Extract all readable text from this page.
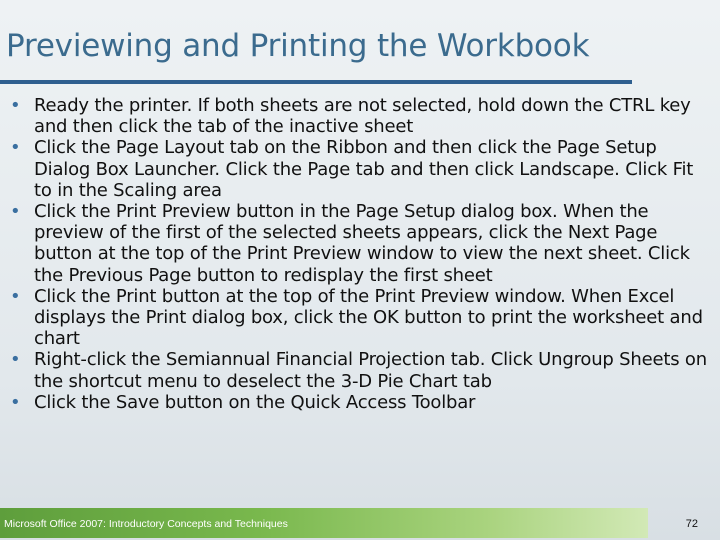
Previewing and Printing the Workbook
• Ready the printer. If both sheets are not selected, hold down the CTRL key and then click the tab of the inactive sheet
• Click the Page Layout tab on the Ribbon and then click the Page Setup Dialog Box Launcher. Click the Page tab and then click Landscape. Click Fit to in the Scaling area
• Click the Print Preview button in the Page Setup dialog box. When the preview of the first of the selected sheets appears, click the Next Page button at the top of the Print Preview window to view the next sheet. Click the Previous Page button to redisplay the first sheet
• Click the Print button at the top of the Print Preview window. When Excel displays the Print dialog box, click the OK button to print the worksheet and chart
• Right-click the Semiannual Financial Projection tab. Click Ungroup Sheets on the shortcut menu to deselect the 3-D Pie Chart tab
• Click the Save button on the Quick Access Toolbar
Microsoft Office 2007: Introductory Concepts and Techniques	72
